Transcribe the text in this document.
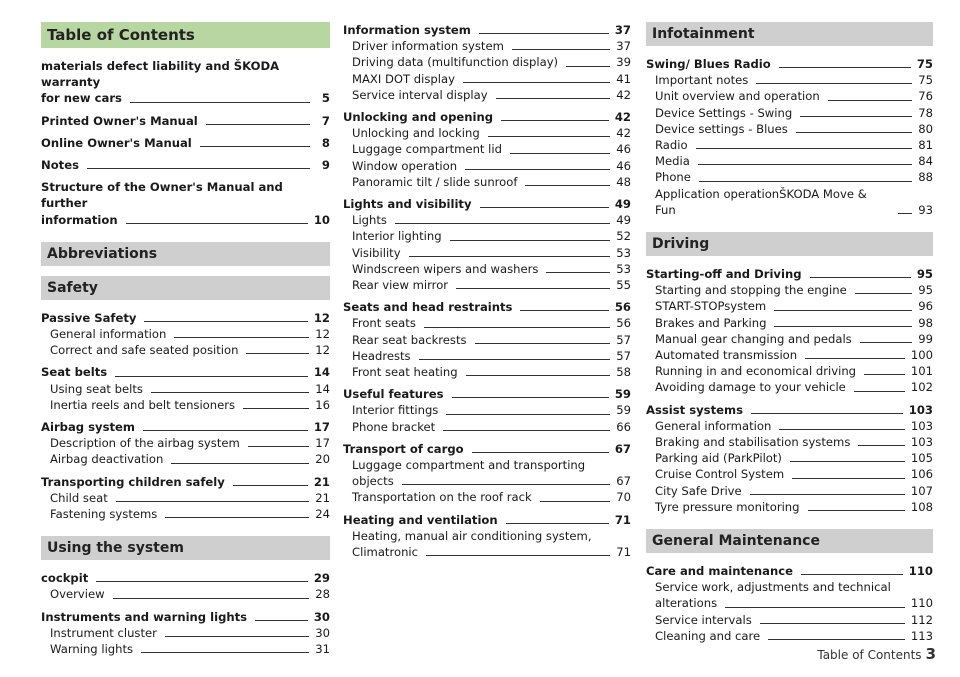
Table of Contents
materials defect liability and ŠKODA warranty
for new cars	5
Printed Owner's Manual	7
Online Owner's Manual	8
Notes	9
Structure of the Owner's Manual and further
information	10
Abbreviations
Safety
Passive Safety	12
General information	12
Correct and safe seated position	12
Seat belts	14
Using seat belts	14
Inertia reels and belt tensioners	16
Airbag system	17
Description of the airbag system	17
Airbag deactivation	20
Transporting children safely	21
Child seat	21
Fastening systems	24
Using the system
cockpit	29
Overview	28
Instruments and warning lights	30
Instrument cluster	30
Warning lights	31
Information system	37
Driver information system	37
Driving data (multifunction display)	39
MAXI DOT display	41
Service interval display	42
Unlocking and opening	42
Unlocking and locking	42
Luggage compartment lid	46
Window operation	46
Panoramic tilt / slide sunroof	48
Lights and visibility	49
Lights	49
Interior lighting	52
Visibility	53
Windscreen wipers and washers	53
Rear view mirror	55
Seats and head restraints	56
Front seats	56
Rear seat backrests	57
Headrests	57
Front seat heating	58
Useful features	59
Interior fittings	59
Phone bracket	66
Transport of cargo	67
Luggage compartment and transporting
objects	67
Transportation on the roof rack	70
Heating and ventilation	71
Heating, manual air conditioning system,
Climatronic	71
Infotainment
Swing/ Blues Radio	75
Important notes	75
Unit overview and operation	76
Device Settings - Swing	78
Device settings - Blues	80
Radio	81
Media	84
Phone	88
Application operationŠKODA Move & Fun	93
Driving
Starting-off and Driving	95
Starting and stopping the engine	95
START-STOPsystem	96
Brakes and Parking	98
Manual gear changing and pedals	99
Automated transmission	100
Running in and economical driving	101
Avoiding damage to your vehicle	102
Assist systems	103
General information	103
Braking and stabilisation systems	103
Parking aid (ParkPilot)	105
Cruise Control System	106
City Safe Drive	107
Tyre pressure monitoring	108
General Maintenance
Care and maintenance	110
Service work, adjustments and technical
alterations	110
Service intervals	112
Cleaning and care	113
Table of Contents 3
